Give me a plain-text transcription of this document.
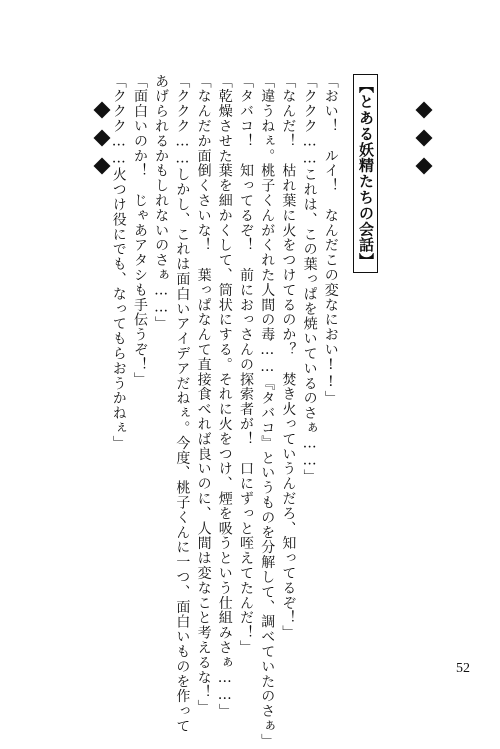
【とある妖精たちの会話】
「おい！　ルイ！　なんだこの変なにおい!!」
「ククク……これは、この葉っぱを焼いているのさぁ……」
「なんだ！　枯れ葉に火をつけてるのか？　焚き火っていうんだろ、知ってるぞ！」
「違うねぇ。桃子くんがくれた人間の毒……『タバコ』というものを分解して、調べていたのさぁ」
「タバコ！　知ってるぞ！　前におっさんの探索者が！　口にずっと咥えてたんだ！」
「乾燥させた葉を細かくして、筒状にする。それに火をつけ、煙を吸うという仕組みさぁ……」
「なんだか面倒くさいな！　葉っぱなんて直接食べれば良いのに、人間は変なこと考えるな！」
「ククク……しかし、これは面白いアイデアだねぇ。今度、桃子くんに一つ、面白いものを作って
あげられるかもしれないのさぁ……」
「面白いのか！　じゃあアタシも手伝うぞ！」
「ククク……火つけ役にでも、なってもらおうかねぇ」
52
